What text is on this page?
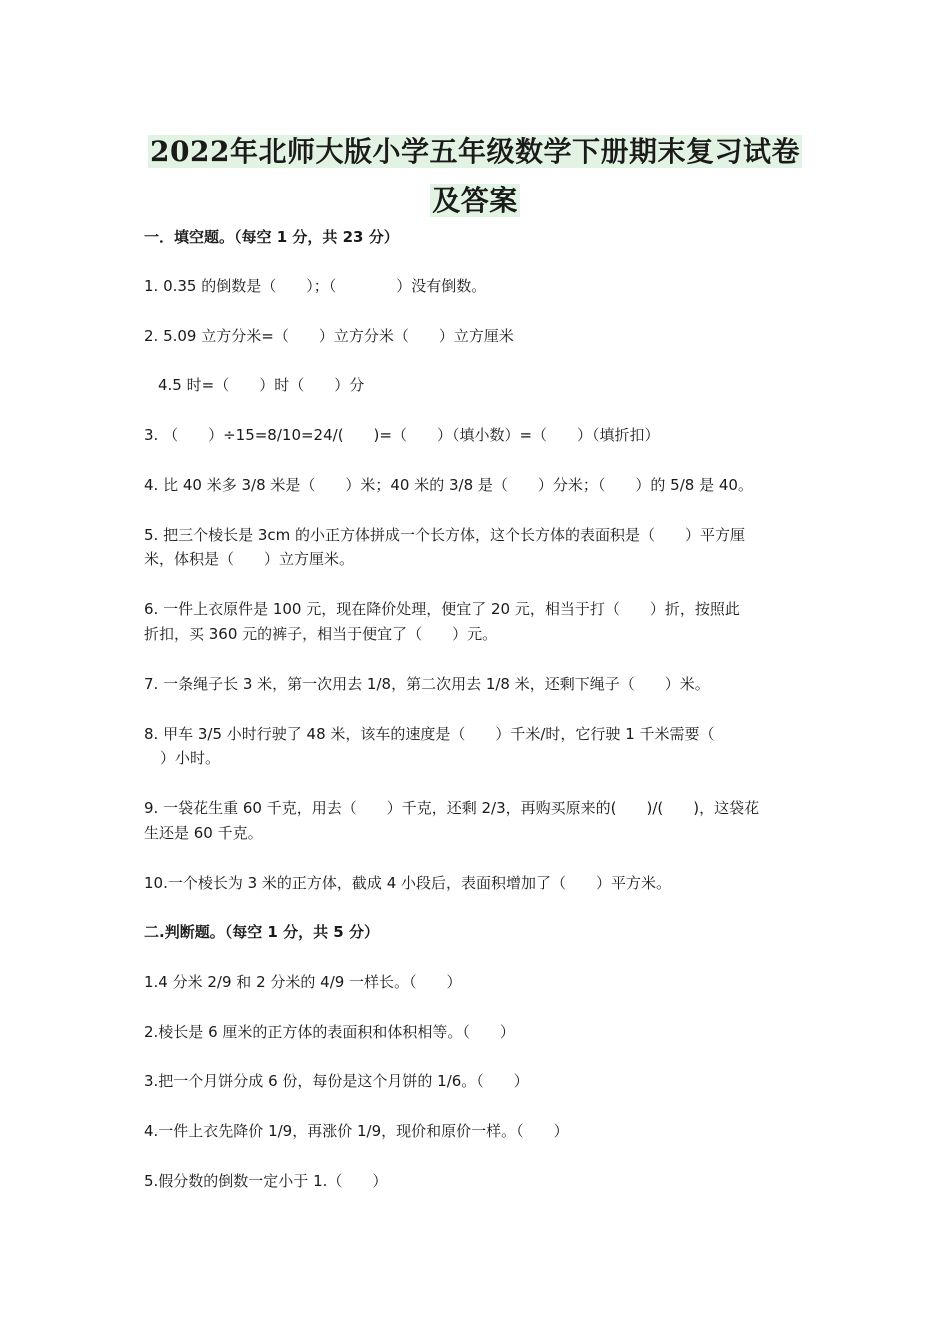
2022年北师大版小学五年级数学下册期末复习试卷
及答案
一．填空题。（每空 1 分，共 23 分）
1. 0.35 的倒数是（　　）；（　　　　）没有倒数。
2. 5.09 立方分米=（　　）立方分米（　　）立方厘米
4.5 时=（　　）时（　　）分
3. （　　）÷15=8/10=24/(　　)=（　　）（填小数）=（　　）（填折扣）
4. 比 40 米多 3/8 米是（　　）米；40 米的 3/8 是（　　）分米；（　　）的 5/8 是 40。
5. 把三个棱长是 3cm 的小正方体拼成一个长方体，这个长方体的表面积是（　　）平方厘
米，体积是（　　）立方厘米。
6. 一件上衣原件是 100 元，现在降价处理，便宜了 20 元，相当于打（　　）折，按照此
折扣，买 360 元的裤子，相当于便宜了（　　）元。
7. 一条绳子长 3 米，第一次用去 1/8，第二次用去 1/8 米，还剩下绳子（　　）米。
8. 甲车 3/5 小时行驶了 48 米，该车的速度是（　　）千米/时，它行驶 1 千米需要（
）小时。
9. 一袋花生重 60 千克，用去（　　）千克，还剩 2/3，再购买原来的(　　)/(　　)，这袋花
生还是 60 千克。
10.一个棱长为 3 米的正方体，截成 4 小段后，表面积增加了（　　）平方米。
二.判断题。（每空 1 分，共 5 分）
1.4 分米 2/9 和 2 分米的 4/9 一样长。（　　）
2.棱长是 6 厘米的正方体的表面积和体积相等。（　　）
3.把一个月饼分成 6 份，每份是这个月饼的 1/6。（　　）
4.一件上衣先降价 1/9，再涨价 1/9，现价和原价一样。（　　）
5.假分数的倒数一定小于 1.（　　）
